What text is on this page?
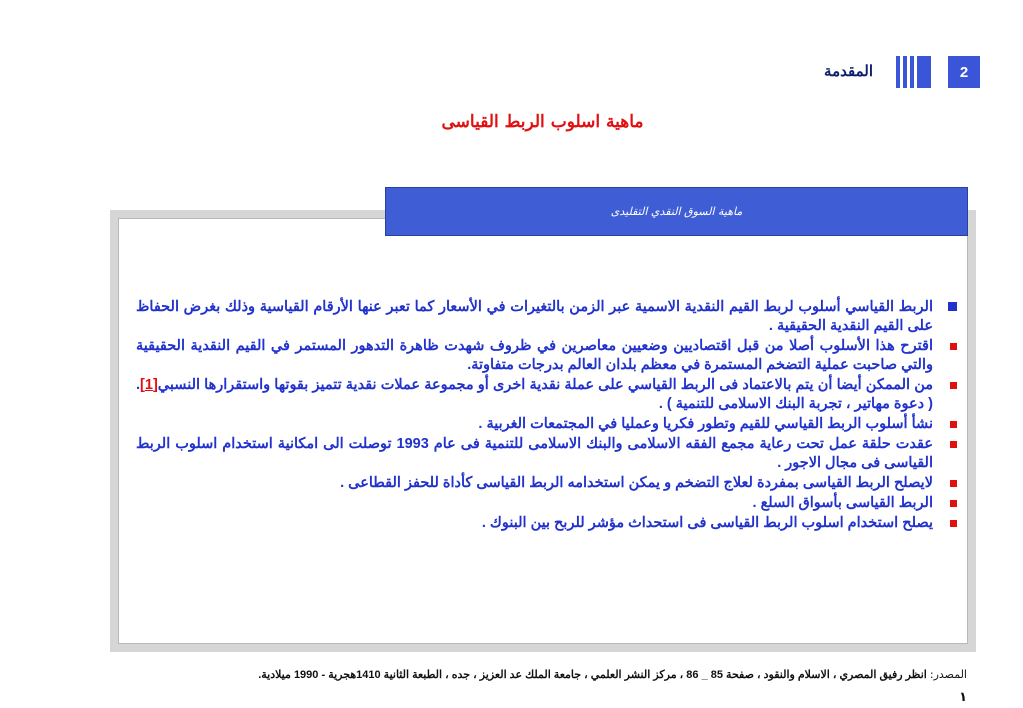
2
المقدمة
ماهية اسلوب الربط القياسى
ماهية السوق النقدي التقليدى
الربط القياسي أسلوب لربط القيم النقدية الاسمية عبر الزمن بالتغيرات في الأسعار كما تعبر عنها الأرقام القياسية وذلك بغرض الحفاظ على القيم النقدية الحقيقية .
اقترح هذا الأسلوب أصلا من قبل اقتصاديين وضعيين معاصرين في ظروف شهدت ظاهرة التدهور المستمر في القيم النقدية الحقيقية والتي صاحبت عملية التضخم المستمرة في معظم بلدان العالم بدرجات متفاوتة.
من الممكن أيضا أن يتم بالاعتماد فى الربط القياسي على عملة نقدية اخرى أو مجموعة عملات نقدية تتميز بقوتها واستقرارها النسبي[1]. ( دعوة مهاتير ، تجربة البنك الاسلامى للتنمية ) .
نشأ أسلوب الربط القياسي للقيم وتطور فكريا وعمليا في المجتمعات الغربية .
عقدت حلقة عمل تحت رعاية مجمع الفقه الاسلامى والبنك الاسلامى للتنمية فى عام 1993 توصلت الى امكانية استخدام اسلوب الربط القياسى فى مجال الاجور .
لايصلح الربط القياسى بمفردة لعلاج التضخم و يمكن استخدامه الربط القياسى كأداة للحفز القطاعى .
الربط القياسى بأسواق السلع .
يصلح استخدام اسلوب الربط القياسى فى استحداث مؤشر للربح بين البنوك .
المصدر: انظر رفيق المصري ، الاسلام والنقود ، صفحة 85 _ 86 ، مركز النشر العلمي ، جامعة الملك عد العزيز ، جده ، الطبعة الثانية 1410هجرية - 1990 ميلادية.
١
